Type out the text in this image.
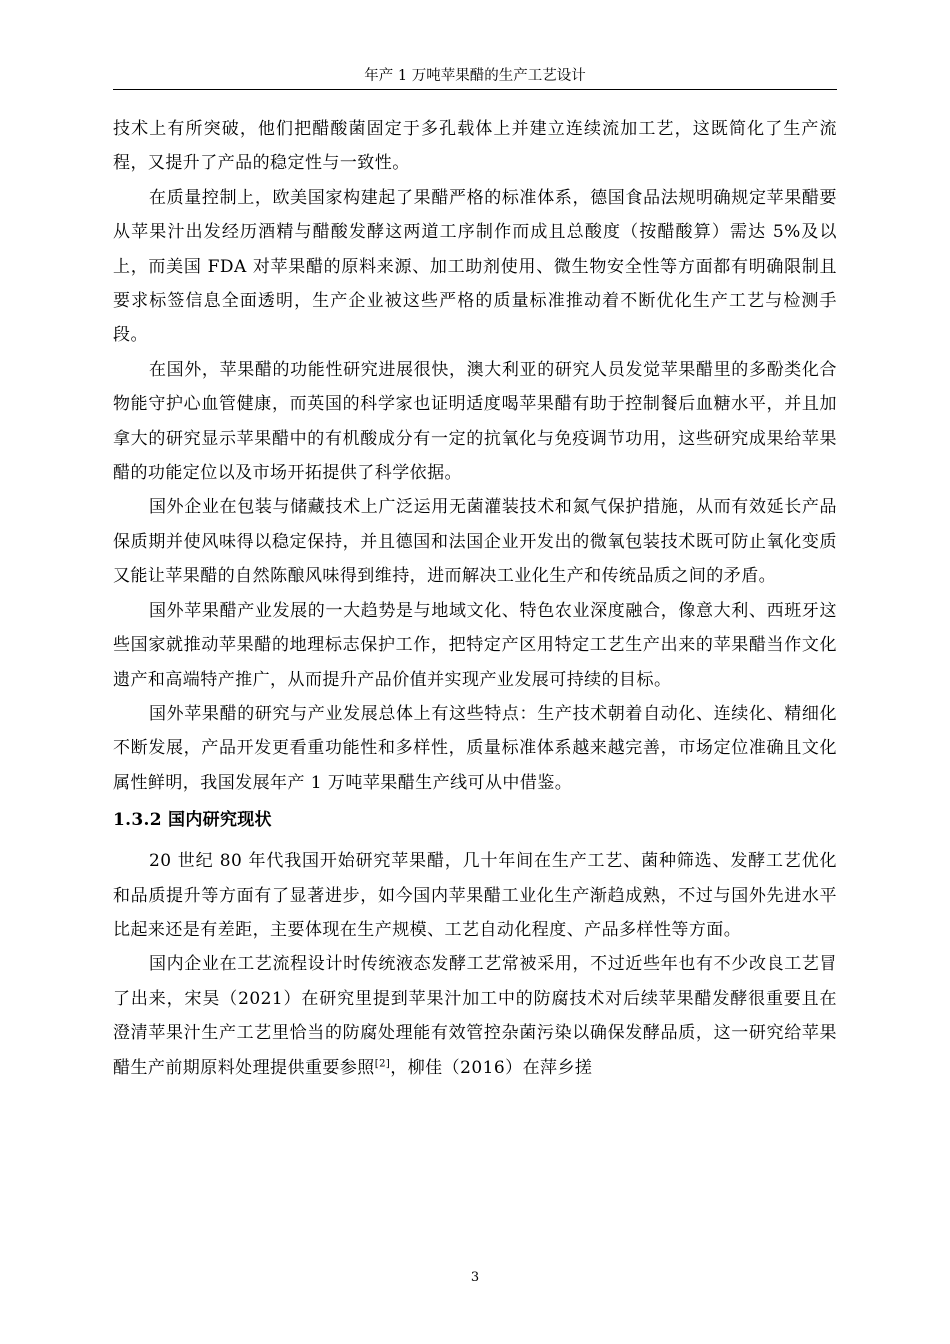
年产 1 万吨苹果醋的生产工艺设计

技术上有所突破，他们把醋酸菌固定于多孔载体上并建立连续流加工艺，这既简化了生产流程，又提升了产品的稳定性与一致性。

在质量控制上，欧美国家构建起了果醋严格的标准体系，德国食品法规明确规定苹果醋要从苹果汁出发经历酒精与醋酸发酵这两道工序制作而成且总酸度（按醋酸算）需达 5%及以上，而美国 FDA 对苹果醋的原料来源、加工助剂使用、微生物安全性等方面都有明确限制且要求标签信息全面透明，生产企业被这些严格的质量标准推动着不断优化生产工艺与检测手段。

在国外，苹果醋的功能性研究进展很快，澳大利亚的研究人员发觉苹果醋里的多酚类化合物能守护心血管健康，而英国的科学家也证明适度喝苹果醋有助于控制餐后血糖水平，并且加拿大的研究显示苹果醋中的有机酸成分有一定的抗氧化与免疫调节功用，这些研究成果给苹果醋的功能定位以及市场开拓提供了科学依据。

国外企业在包装与储藏技术上广泛运用无菌灌装技术和氮气保护措施，从而有效延长产品保质期并使风味得以稳定保持，并且德国和法国企业开发出的微氧包装技术既可防止氧化变质又能让苹果醋的自然陈酿风味得到维持，进而解决工业化生产和传统品质之间的矛盾。

国外苹果醋产业发展的一大趋势是与地域文化、特色农业深度融合，像意大利、西班牙这些国家就推动苹果醋的地理标志保护工作，把特定产区用特定工艺生产出来的苹果醋当作文化遗产和高端特产推广，从而提升产品价值并实现产业发展可持续的目标。

国外苹果醋的研究与产业发展总体上有这些特点：生产技术朝着自动化、连续化、精细化不断发展，产品开发更看重功能性和多样性，质量标准体系越来越完善，市场定位准确且文化属性鲜明，我国发展年产 1 万吨苹果醋生产线可从中借鉴。

1.3.2 国内研究现状

20 世纪 80 年代我国开始研究苹果醋，几十年间在生产工艺、菌种筛选、发酵工艺优化和品质提升等方面有了显著进步，如今国内苹果醋工业化生产渐趋成熟，不过与国外先进水平比起来还是有差距，主要体现在生产规模、工艺自动化程度、产品多样性等方面。

国内企业在工艺流程设计时传统液态发酵工艺常被采用，不过近些年也有不少改良工艺冒了出来，宋昊（2021）在研究里提到苹果汁加工中的防腐技术对后续苹果醋发酵很重要且在澄清苹果汁生产工艺里恰当的防腐处理能有效管控杂菌污染以确保发酵品质，这一研究给苹果醋生产前期原料处理提供重要参照[2]，柳佳（2016）在萍乡搓

3
